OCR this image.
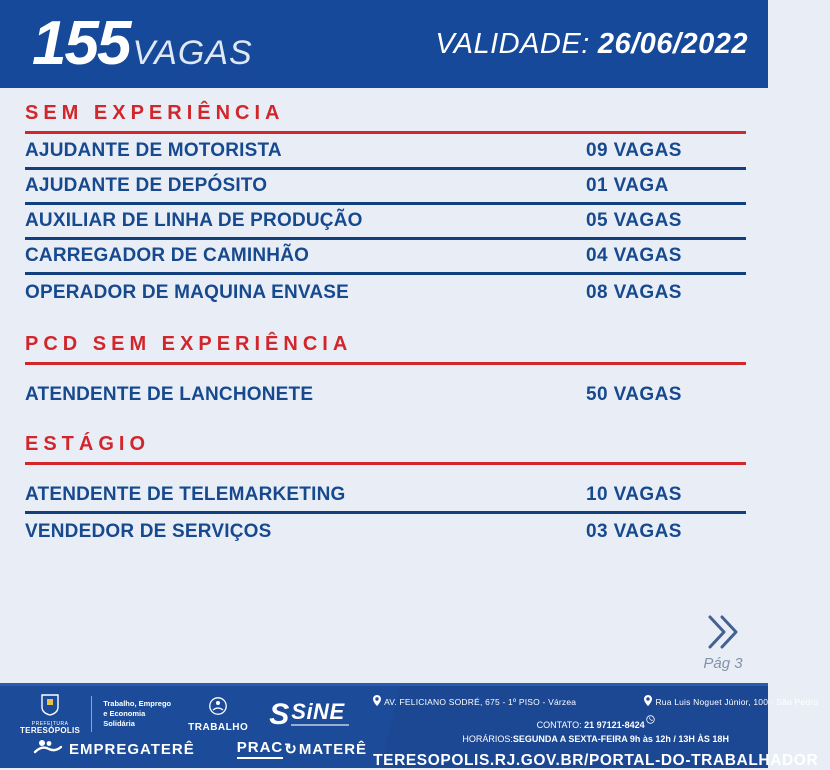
155 VAGAS	VALIDADE: 26/06/2022
SEM EXPERIÊNCIA
AJUDANTE DE MOTORISTA	09 VAGAS
AJUDANTE DE DEPÓSITO	01 VAGA
AUXILIAR DE LINHA DE PRODUÇÃO	05 VAGAS
CARREGADOR DE CAMINHÃO	04 VAGAS
OPERADOR DE MAQUINA ENVASE	08 VAGAS
PCD SEM EXPERIÊNCIA
ATENDENTE DE LANCHONETE	50 VAGAS
ESTÁGIO
ATENDENTE DE TELEMARKETING	10 VAGAS
VENDEDOR DE SERVIÇOS	03 VAGAS
Pág 3
PREFEITURA
TERESÓPOLIS
Trabalho, Emprego
e Economia
Solidária	TRABALHO S SiNE
EMPREGATERÊ	PRAC ↻ MATERÊ
AV. FELICIANO SODRÉ, 675 - 1º PISO - Várzea	Rua Luis Noguet Júnior, 100 - São Pedro
CONTATO: 21 97121-8424
HORÁRIOS:SEGUNDA A SEXTA-FEIRA 9h às 12h / 13H ÀS 18H
TERESOPOLIS.RJ.GOV.BR/PORTAL-DO-TRABALHADOR
